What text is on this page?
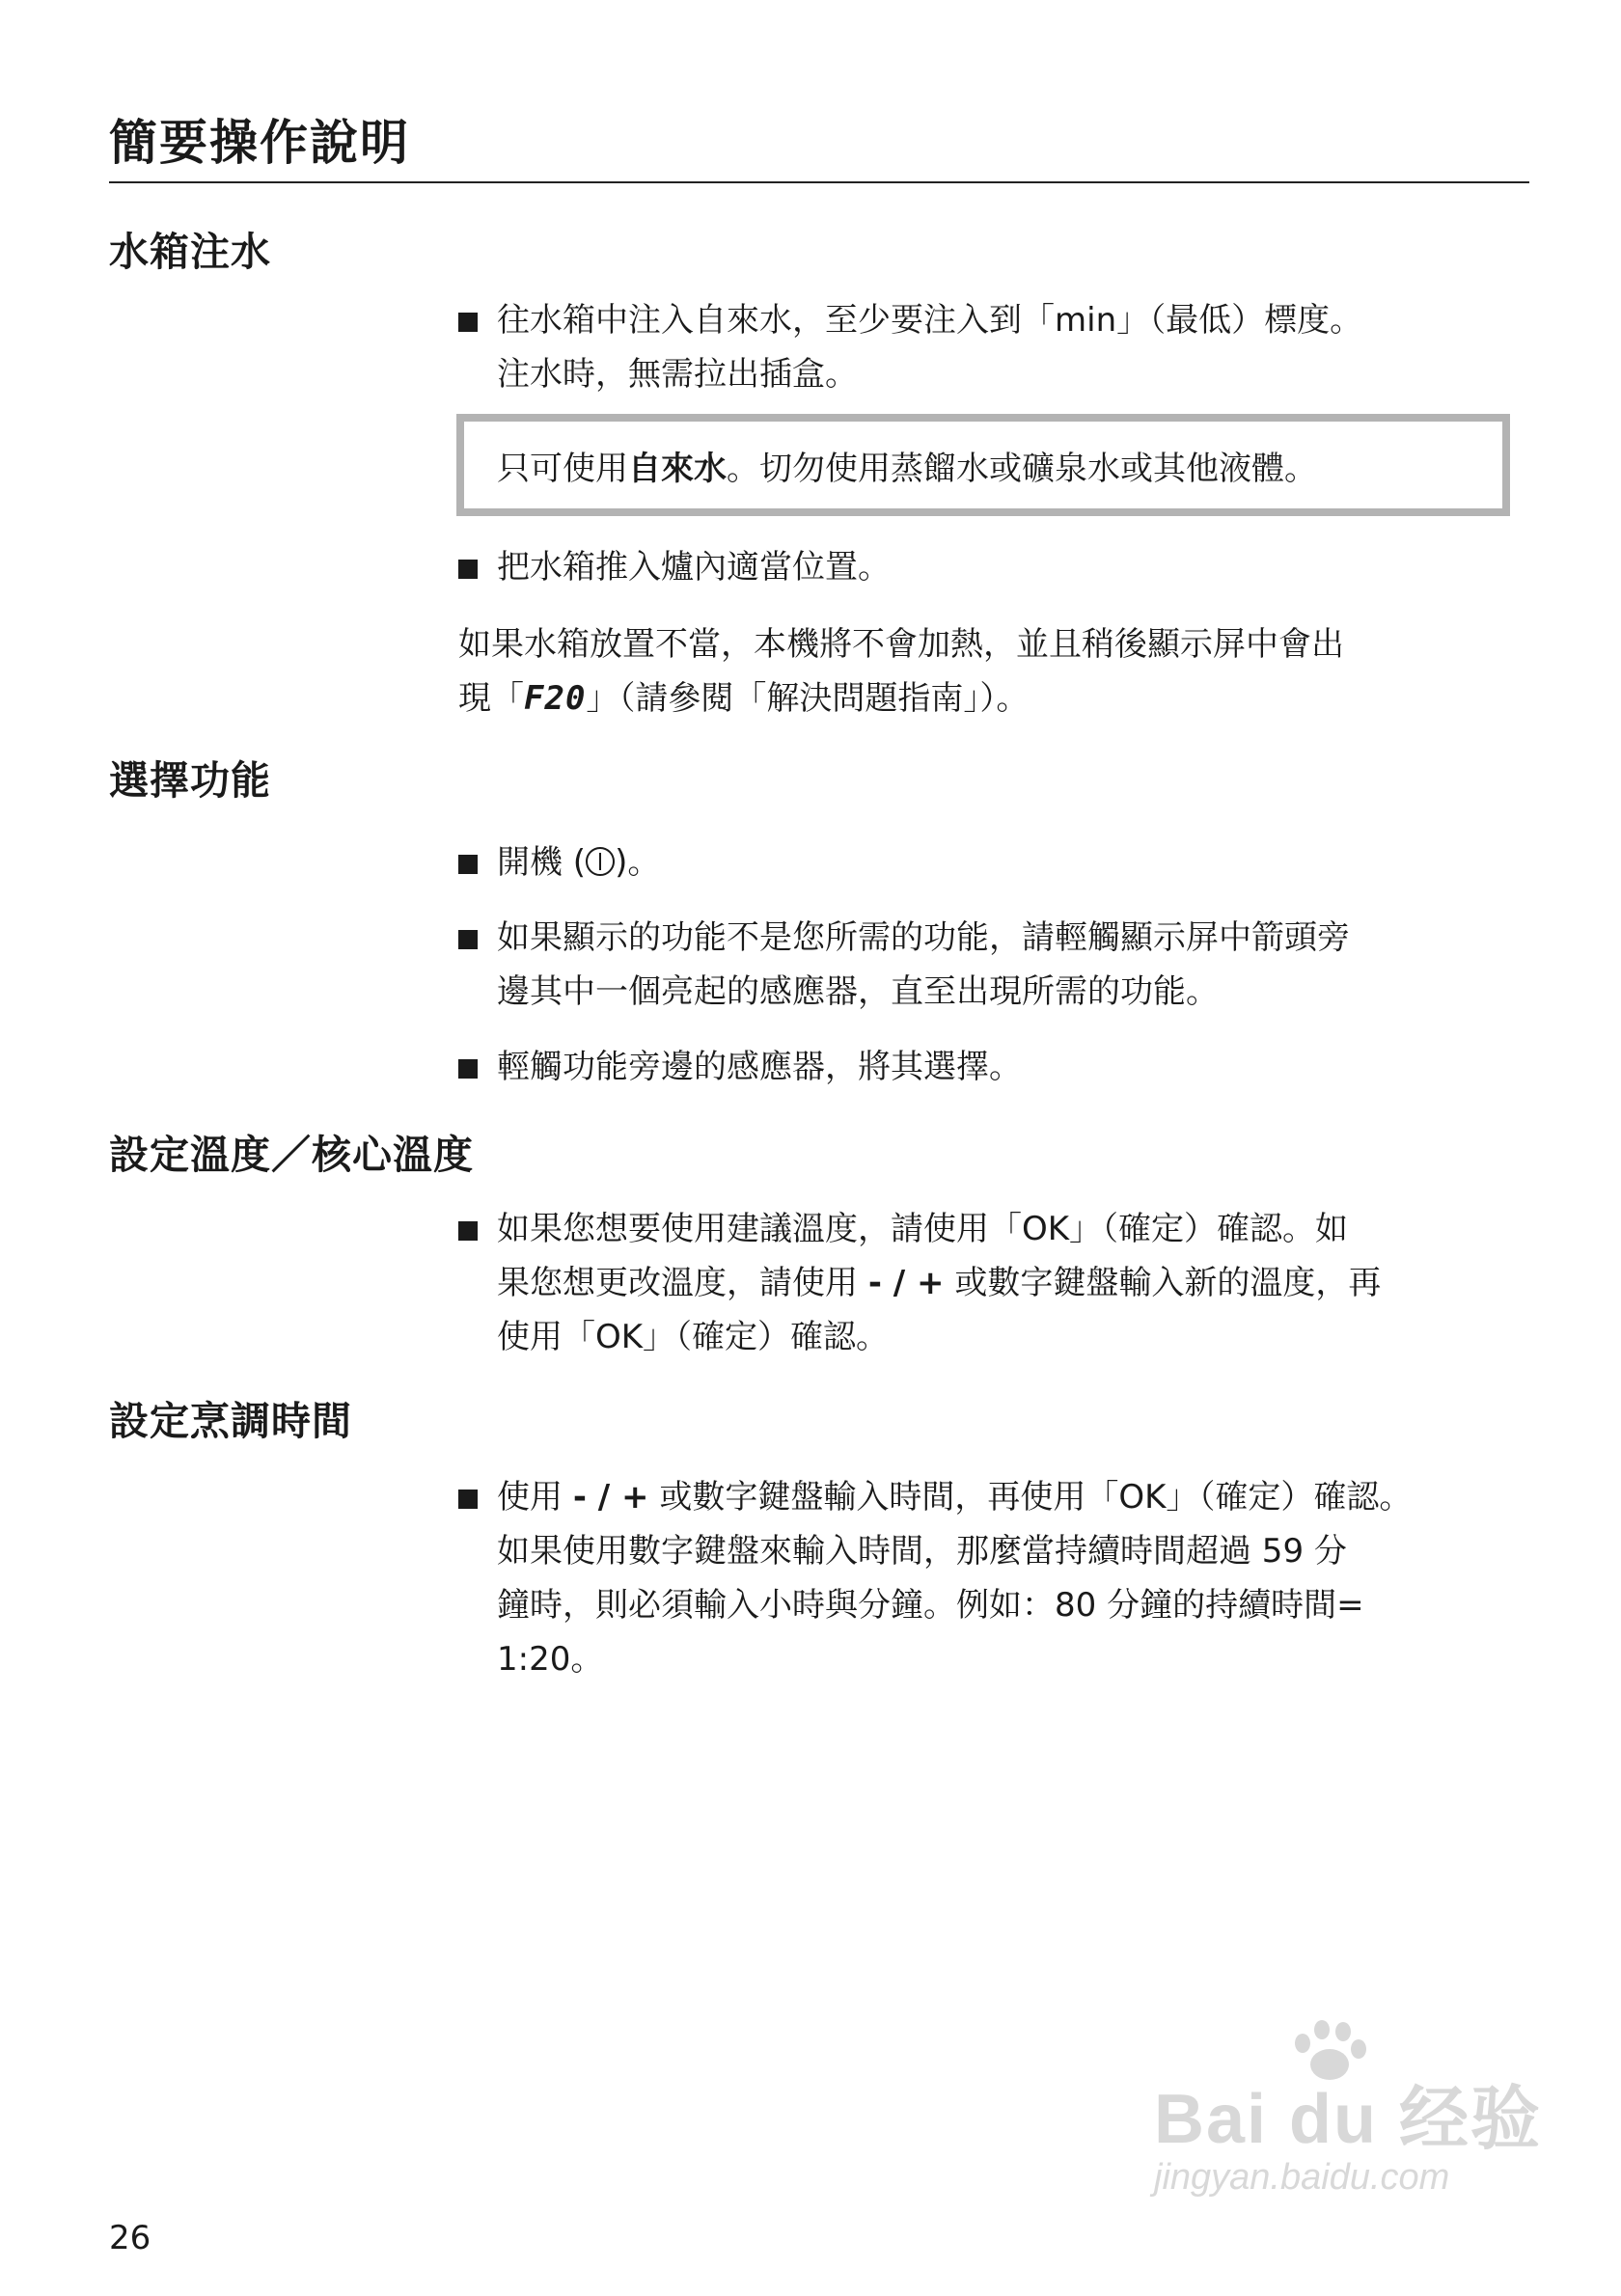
簡要操作說明
水箱注水
往水箱中注入自來水，至少要注入到「min」（最低）標度。
注水時，無需拉出插盒。
只可使用自來水。切勿使用蒸餾水或礦泉水或其他液體。
把水箱推入爐內適當位置。

如果水箱放置不當，本機將不會加熱，並且稍後顯示屏中會出

現「F20」（請參閱「解決問題指南」）。

選擇功能
開機 ( )。
如果顯示的功能不是您所需的功能，請輕觸顯示屏中箭頭旁
邊其中一個亮起的感應器，直至出現所需的功能。
輕觸功能旁邊的感應器，將其選擇。
設定溫度／核心溫度
如果您想要使用建議溫度，請使用「OK」（確定）確認。如
果您想更改溫度，請使用 - / + 或數字鍵盤輸入新的溫度，再
使用「OK」（確定）確認。
設定烹調時間
使用 - / + 或數字鍵盤輸入時間，再使用「OK」（確定）確認。
如果使用數字鍵盤來輸入時間，那麼當持續時間超過 59 分
鐘時，則必須輸入小時與分鐘。例如：80 分鐘的持續時間=
1:20。
26
Bai du 经验
jingyan.baidu.com
